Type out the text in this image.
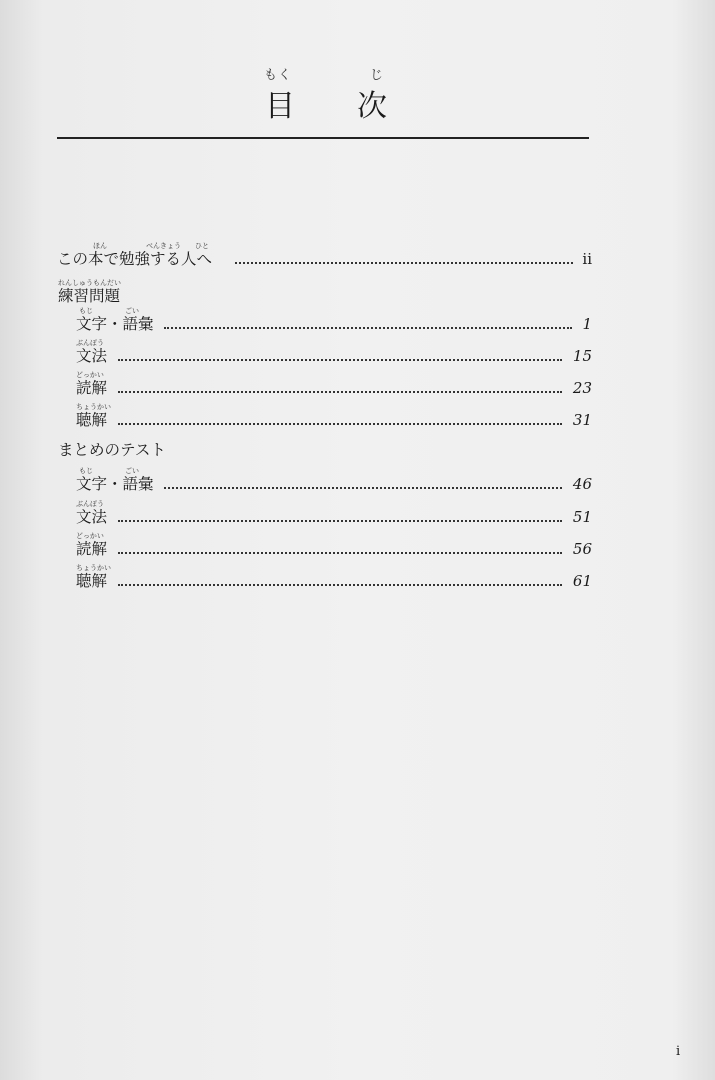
もく	じ
目 次
ほん	べんきょう ひと
この本で勉強する人へ	ii
れんしゅうもんだい
練習問題
もじ	ごい
文字・語彙	1
ぶんぽう
文法	15
どっかい
読解	23
ちょうかい
聴解	31
まとめのテスト
もじ	ごい
文字・語彙	46
ぶんぽう
文法	51
どっかい
読解	56
ちょうかい
聴解	61
i
